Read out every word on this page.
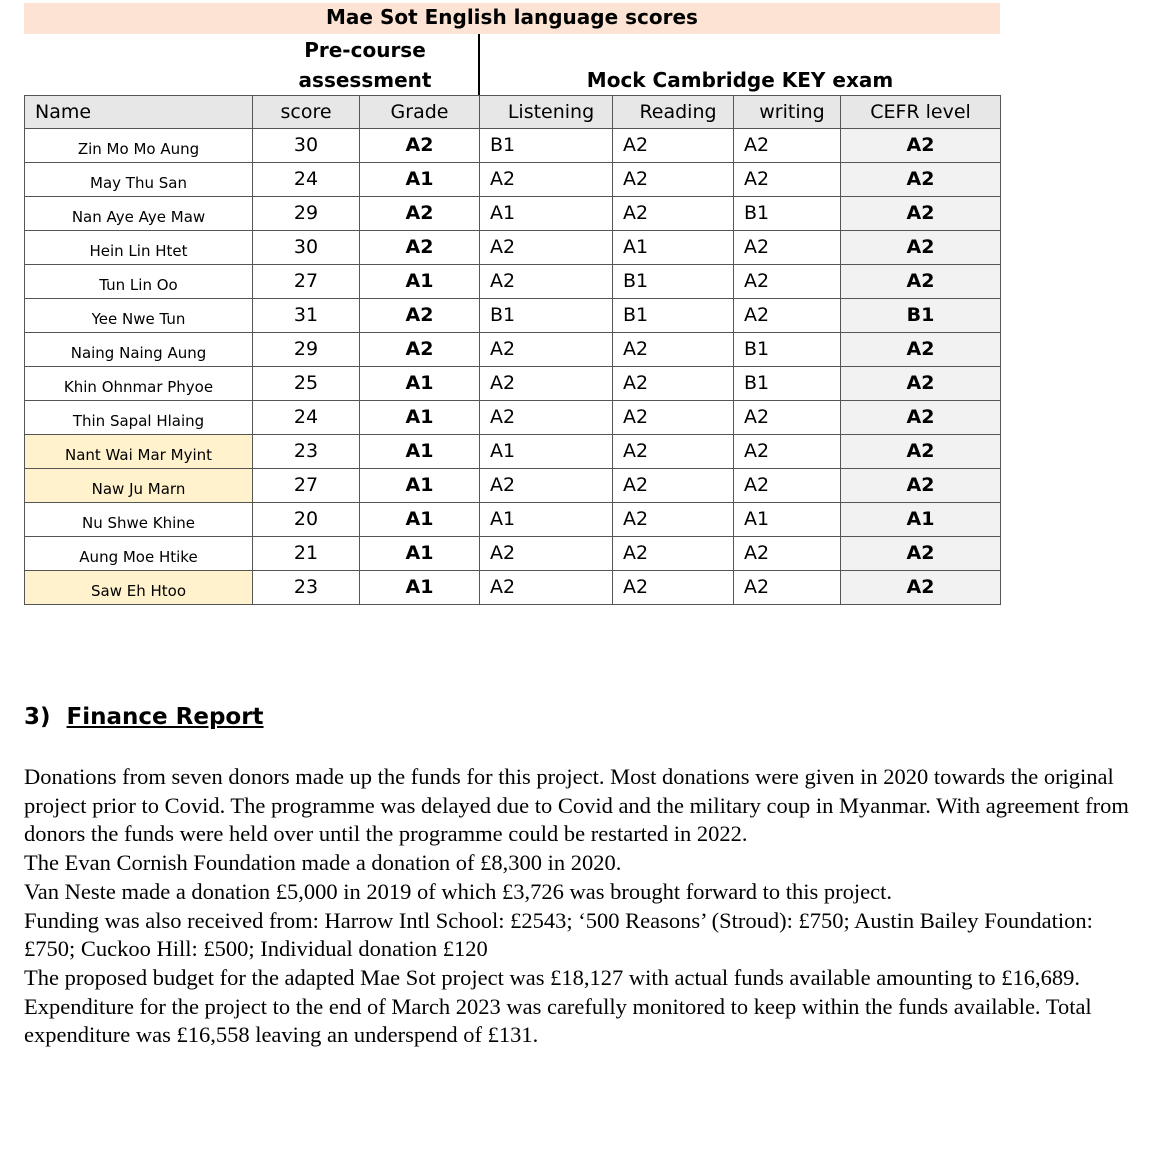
Mae Sot English language scores
Pre-course
assessment	Mock Cambridge KEY exam
Name	score	Grade	Listening	Reading	writing	CEFR level
Zin Mo Mo Aung	30	A2	B1	A2	A2	A2
May Thu San	24	A1	A2	A2	A2	A2
Nan Aye Aye Maw	29	A2	A1	A2	B1	A2
Hein Lin Htet	30	A2	A2	A1	A2	A2
Tun Lin Oo	27	A1	A2	B1	A2	A2
Yee Nwe Tun	31	A2	B1	B1	A2	B1
Naing Naing Aung	29	A2	A2	A2	B1	A2
Khin Ohnmar Phyoe	25	A1	A2	A2	B1	A2
Thin Sapal Hlaing	24	A1	A2	A2	A2	A2
Nant Wai Mar Myint	23	A1	A1	A2	A2	A2
Naw Ju Marn	27	A1	A2	A2	A2	A2
Nu Shwe Khine	20	A1	A1	A2	A1	A1
Aung Moe Htike	21	A1	A2	A2	A2	A2
Saw Eh Htoo	23	A1	A2	A2	A2	A2
3) Finance Report

Donations from seven donors made up the funds for this project. Most donations were given in 2020 towards the original project prior to Covid. The programme was delayed due to Covid and the military coup in Myanmar. With agreement from donors the funds were held over until the programme could be restarted in 2022.

The Evan Cornish Foundation made a donation of £8,300 in 2020.

Van Neste made a donation £5,000 in 2019 of which £3,726 was brought forward to this project.

Funding was also received from: Harrow Intl School: £2543; ‘500 Reasons’ (Stroud): £750; Austin Bailey Foundation: £750; Cuckoo Hill: £500; Individual donation £120

The proposed budget for the adapted Mae Sot project was £18,127 with actual funds available amounting to £16,689.

Expenditure for the project to the end of March 2023 was carefully monitored to keep within the funds available. Total expenditure was £16,558 leaving an underspend of £131.
